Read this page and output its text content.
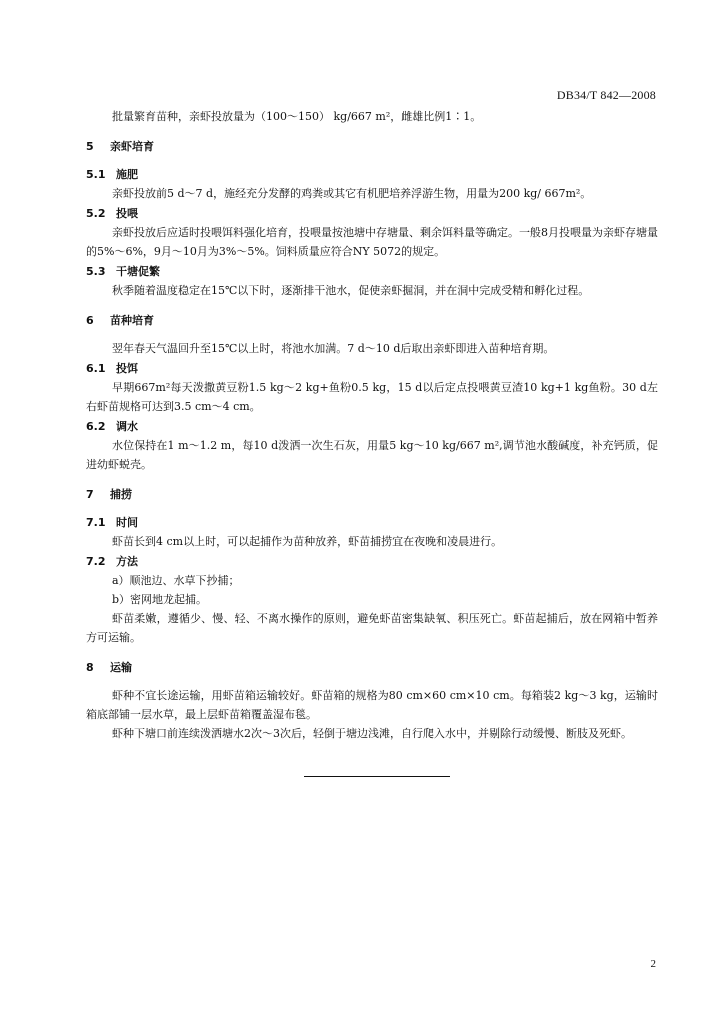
DB34/T 842—2008

批量繁育苗种，亲虾投放量为（100～150） kg/667 m²，雌雄比例1∶1。

5	亲虾培育
5.1 施肥

亲虾投放前5 d～7 d，施经充分发酵的鸡粪或其它有机肥培养浮游生物，用量为200 kg/ 667m²。

5.2 投喂

亲虾投放后应适时投喂饵料强化培育，投喂量按池塘中存塘量、剩余饵料量等确定。一般8月投喂量为亲虾存塘量的5%～6%，9月～10月为3%～5%。饲料质量应符合NY 5072的规定。

5.3 干塘促繁

秋季随着温度稳定在15℃以下时，逐渐排干池水，促使亲虾掘洞，并在洞中完成受精和孵化过程。

6	苗种培育

翌年春天气温回升至15℃以上时，将池水加满。7 d～10 d后取出亲虾即进入苗种培育期。

6.1 投饵

早期667m²每天泼撒黄豆粉1.5 kg～2 kg+鱼粉0.5 kg，15 d以后定点投喂黄豆渣10 kg+1 kg鱼粉。30 d左右虾苗规格可达到3.5 cm～4 cm。

6.2 调水

水位保持在1 m～1.2 m，每10 d泼洒一次生石灰，用量5 kg～10 kg/667 m²,调节池水酸碱度，补充钙质，促进幼虾蜕壳。

7	捕捞
7.1 时间

虾苗长到4 cm以上时，可以起捕作为苗种放养，虾苗捕捞宜在夜晚和凌晨进行。

7.2 方法

a）顺池边、水草下抄捕；

b）密网地龙起捕。

虾苗柔嫩，遵循少、慢、轻、不离水操作的原则，避免虾苗密集缺氧、积压死亡。虾苗起捕后，放在网箱中暂养方可运输。

8	运输

虾种不宜长途运输，用虾苗箱运输较好。虾苗箱的规格为80 cm×60 cm×10 cm。每箱装2 kg～3 kg，运输时箱底部铺一层水草，最上层虾苗箱覆盖湿布毯。

虾种下塘口前连续泼洒塘水2次～3次后，轻倒于塘边浅滩，自行爬入水中，并剔除行动缓慢、断肢及死虾。

2
